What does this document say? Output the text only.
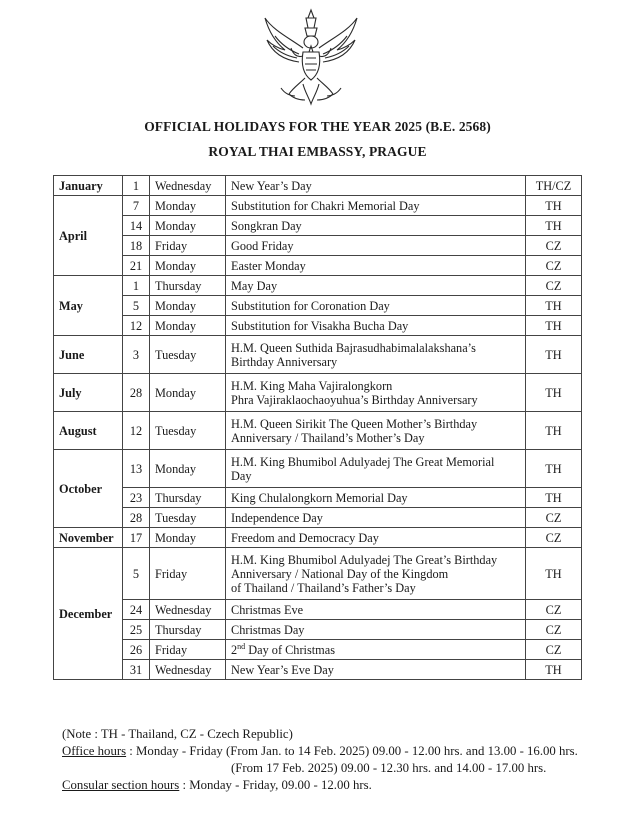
OFFICIAL HOLIDAYS FOR THE YEAR 2025 (B.E. 2568)
ROYAL THAI EMBASSY, PRAGUE
January	1	Wednesday	New Year’s Day	TH/CZ
April	7	Monday	Substitution for Chakri Memorial Day	TH
	14	Monday	Songkran Day	TH
	18	Friday	Good Friday	CZ
	21	Monday	Easter Monday	CZ
May	1	Thursday	May Day	CZ
	5	Monday	Substitution for Coronation Day	TH
	12	Monday	Substitution for Visakha Bucha Day	TH
June	3	Tuesday	H.M. Queen Suthida Bajrasudhabimalalakshana’s
Birthday Anniversary	TH
July	28	Monday	H.M. King Maha Vajiralongkorn
Phra Vajiraklaochaoyuhua’s Birthday Anniversary	TH
August	12	Tuesday	H.M. Queen Sirikit The Queen Mother’s Birthday
Anniversary / Thailand’s Mother’s Day	TH
October	13	Monday	H.M. King Bhumibol Adulyadej The Great Memorial
Day	TH
	23	Thursday	King Chulalongkorn Memorial Day	TH
	28	Tuesday	Independence Day	CZ
November	17	Monday	Freedom and Democracy Day	CZ
December	5	Friday	H.M. King Bhumibol Adulyadej The Great’s Birthday
Anniversary / National Day of the Kingdom
of Thailand / Thailand’s Father’s Day	TH
	24	Wednesday	Christmas Eve	CZ
	25	Thursday	Christmas Day	CZ
	26	Friday	2nd Day of Christmas	CZ
	31	Wednesday	New Year’s Eve Day	TH
(Note : TH - Thailand, CZ - Czech Republic)
Office hours : Monday - Friday (From Jan. to 14 Feb. 2025) 09.00 - 12.00 hrs. and 13.00 - 16.00 hrs.
(From 17 Feb. 2025) 09.00 - 12.30 hrs. and 14.00 - 17.00 hrs.
Consular section hours : Monday - Friday, 09.00 - 12.00 hrs.
